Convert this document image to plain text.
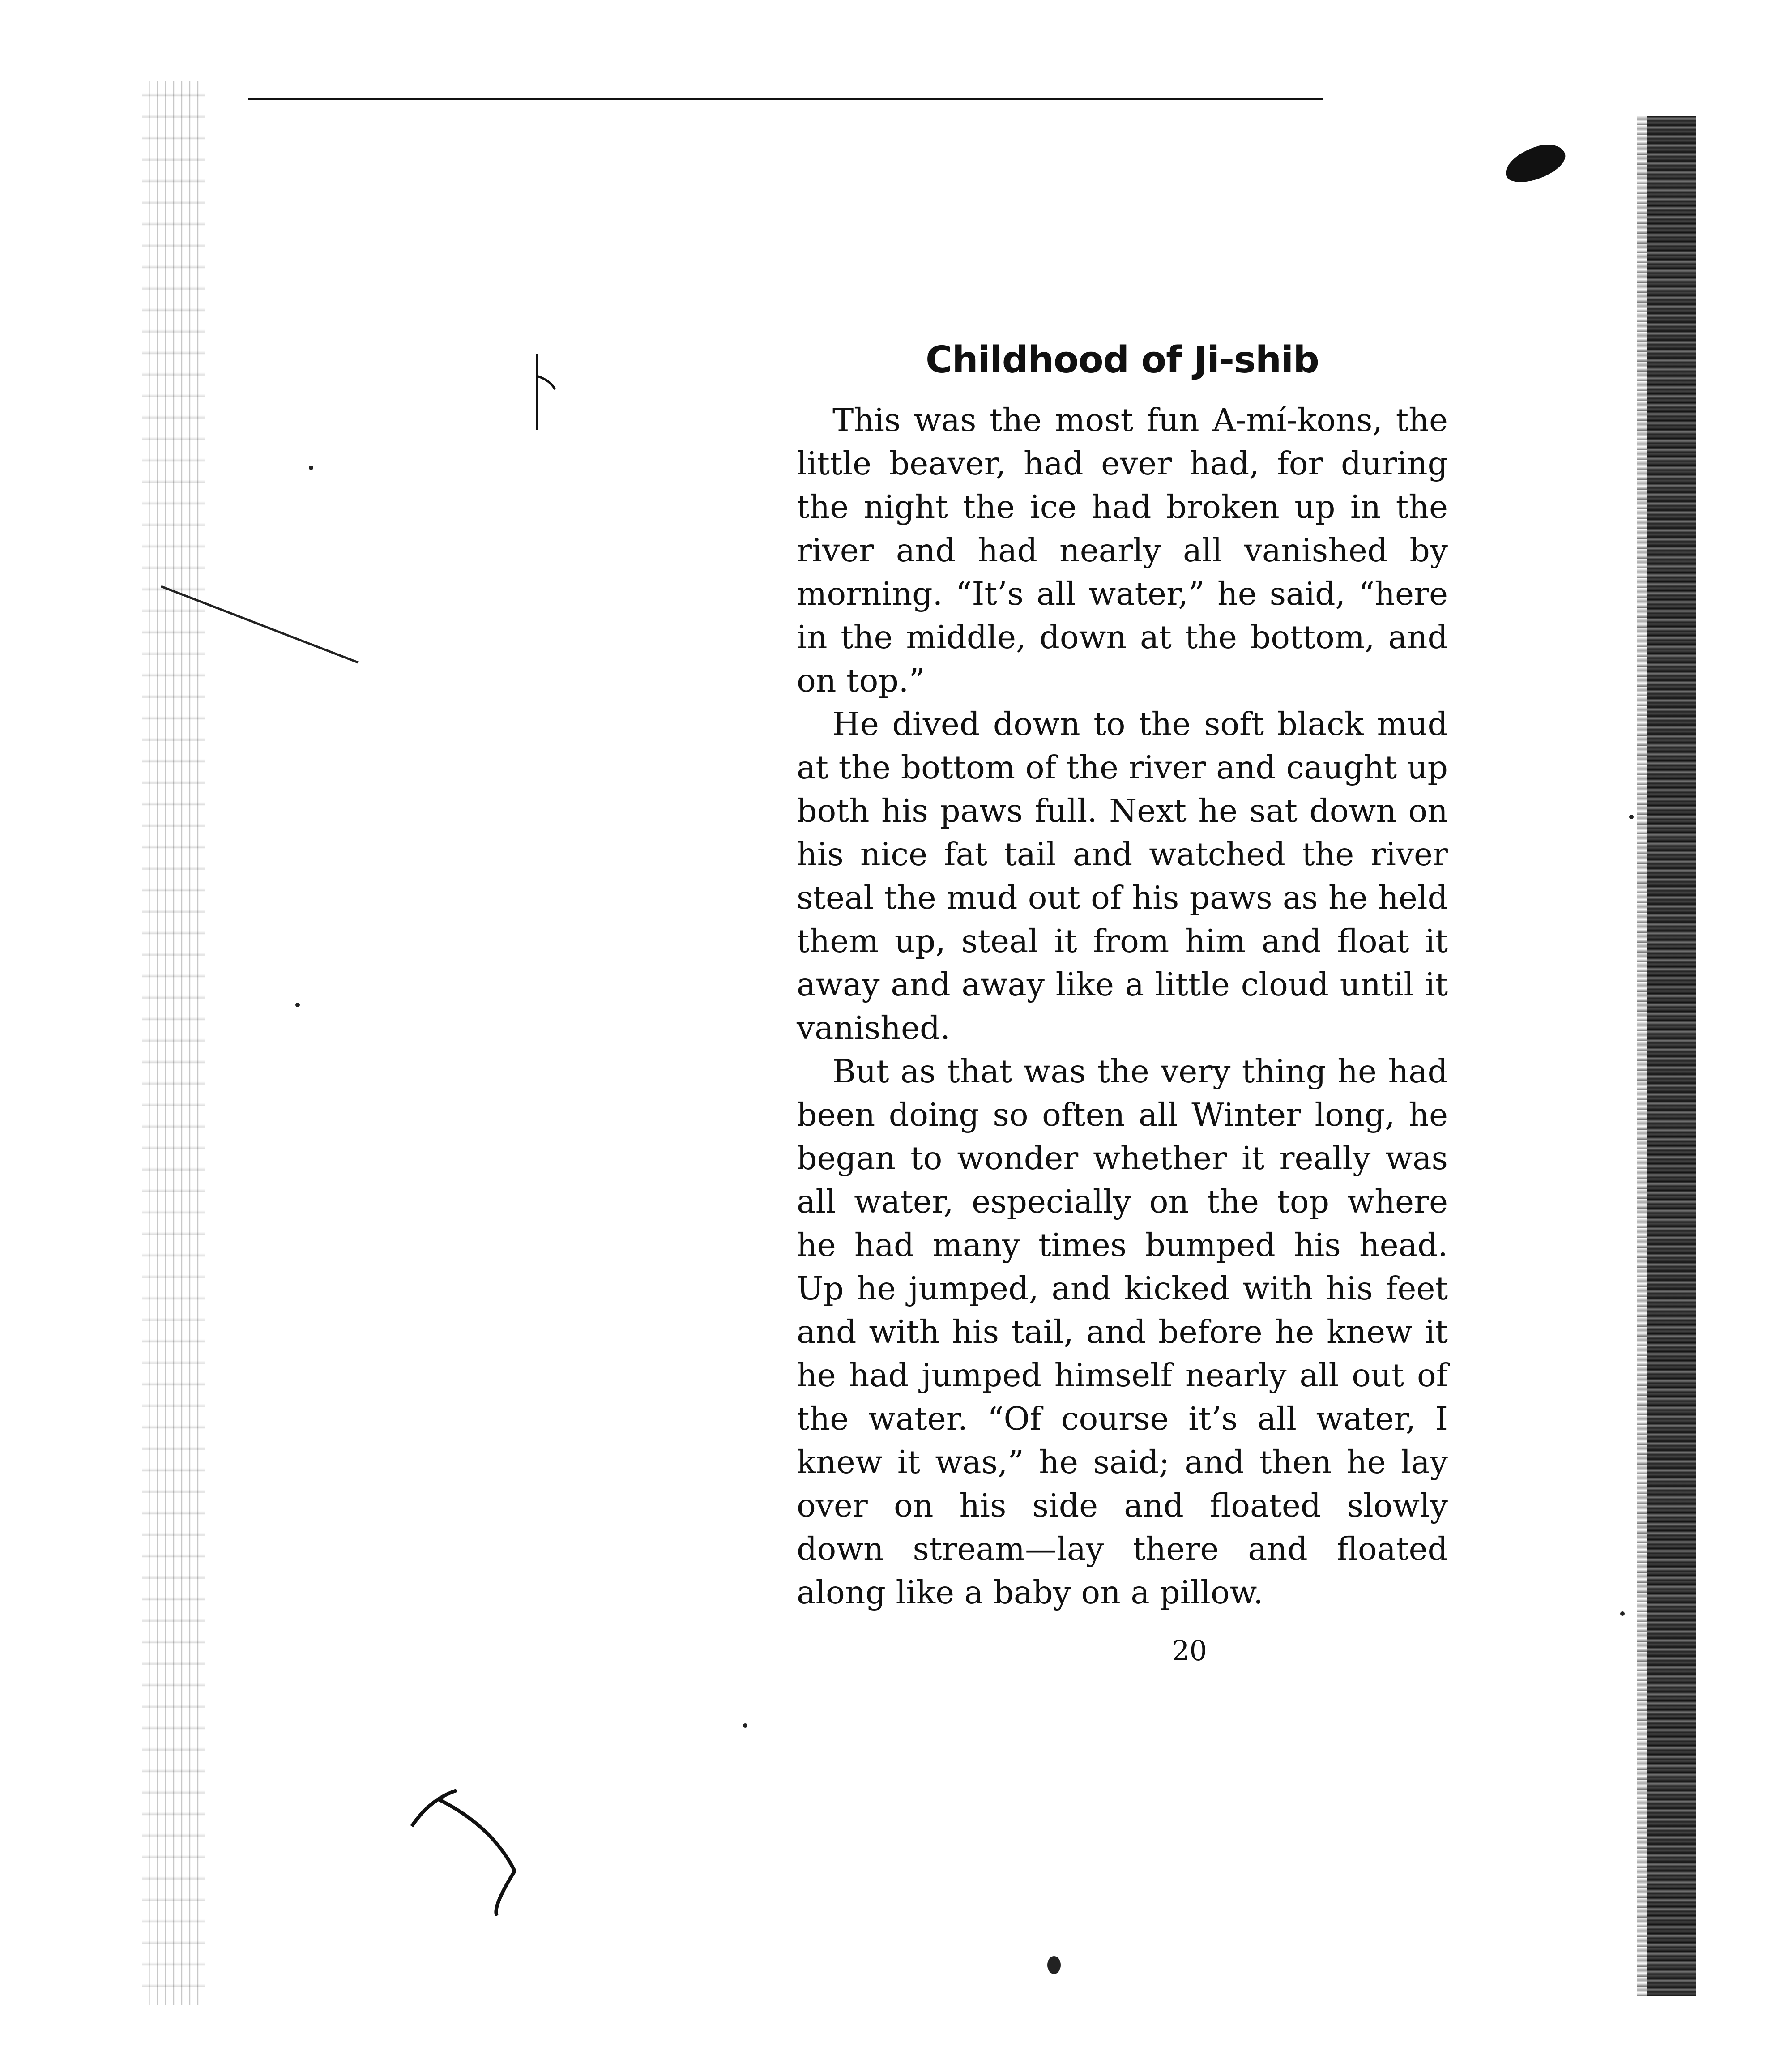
Childhood of Ji-shib

This was the most fun A-mí-kons, the little beaver, had ever had, for during the night the ice had broken up in the river and had nearly all vanished by morning. “It’s all water,” he said, “here in the middle, down at the bottom, and on top.”

He dived down to the soft black mud at the bottom of the river and caught up both his paws full. Next he sat down on his nice fat tail and watched the river steal the mud out of his paws as he held them up, steal it from him and float it away and away like a little cloud until it vanished.

But as that was the very thing he had been doing so often all Winter long, he began to wonder whether it really was all water, especially on the top where he had many times bumped his head. Up he jumped, and kicked with his feet and with his tail, and before he knew it he had jumped himself nearly all out of the water. “Of course it’s all water, I knew it was,” he said; and then he lay over on his side and floated slowly down stream—lay there and floated along like a baby on a pillow.

20
